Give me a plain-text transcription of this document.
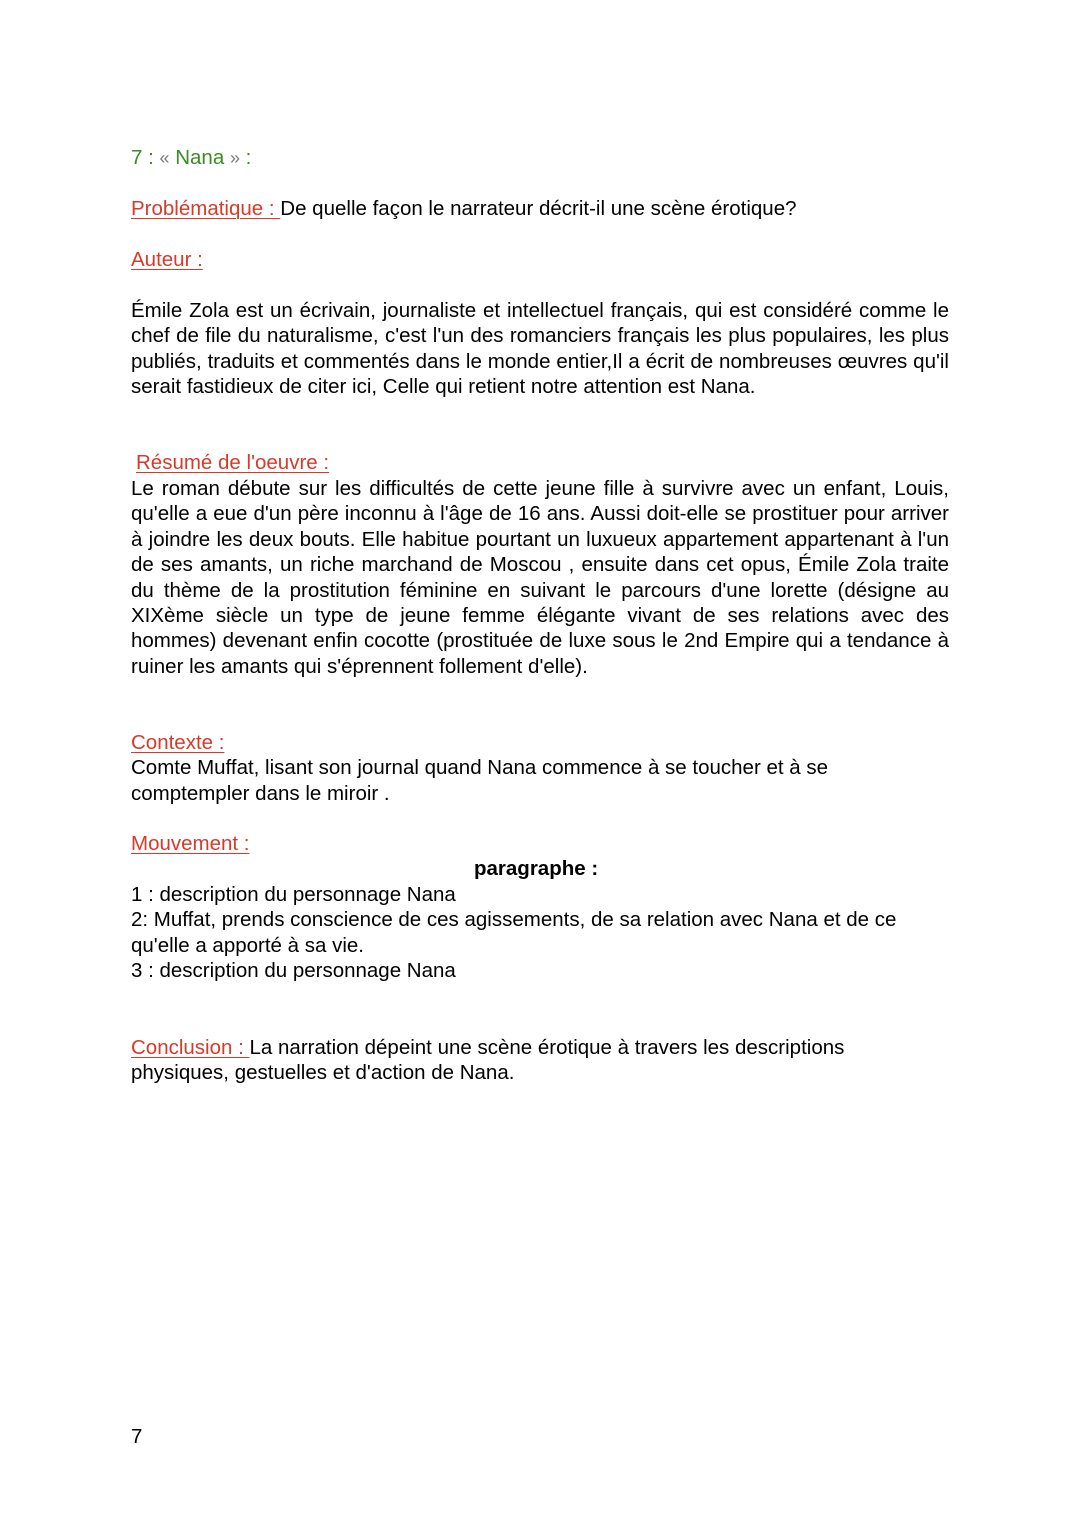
7 : « Nana » :
Problématique : De quelle façon le narrateur décrit-il une scène érotique?
Auteur :
Émile Zola est un écrivain, journaliste et intellectuel français, qui est considéré comme le chef de file du naturalisme, c'est l'un des romanciers français les plus populaires, les plus publiés, traduits et commentés dans le monde entier,Il a écrit de nombreuses œuvres qu'il serait fastidieux de citer ici, Celle qui retient notre attention est Nana.
Résumé de l'oeuvre :
Le roman débute sur les difficultés de cette jeune fille à survivre avec un enfant, Louis, qu'elle a eue d'un père inconnu à l'âge de 16 ans. Aussi doit-elle se prostituer pour arriver à joindre les deux bouts. Elle habitue pourtant un luxueux appartement appartenant à l'un de ses amants, un riche marchand de Moscou , ensuite dans cet opus, Émile Zola traite du thème de la prostitution féminine en suivant le parcours d'une lorette (désigne au XIXème siècle un type de jeune femme élégante vivant de ses relations avec des hommes) devenant enfin cocotte (prostituée de luxe sous le 2nd Empire qui a tendance à ruiner les amants qui s'éprennent follement d'elle).
Contexte :
Comte Muffat, lisant son journal quand Nana commence à se toucher et à se
comptempler dans le miroir .
Mouvement :
paragraphe :
1 : description du personnage Nana
2: Muffat, prends conscience de ces agissements, de sa relation avec Nana et de ce
qu'elle a apporté à sa vie.
3 : description du personnage Nana
Conclusion : La narration dépeint une scène érotique à travers les descriptions
physiques, gestuelles et d'action de Nana.
7
